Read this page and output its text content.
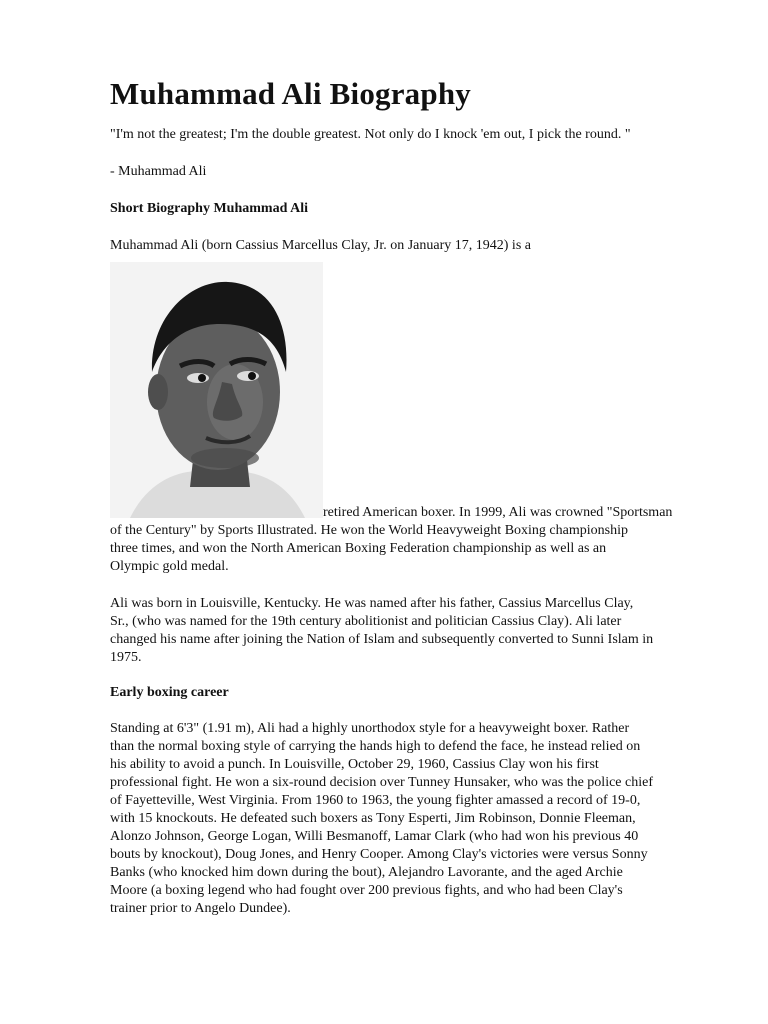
Muhammad Ali Biography

"I'm not the greatest; I'm the double greatest. Not only do I knock 'em out, I pick the round. "

- Muhammad Ali

Short Biography Muhammad Ali

Muhammad Ali (born Cassius Marcellus Clay, Jr. on January 17, 1942) is a

retired American boxer. In 1999, Ali was crowned "Sportsman
of the Century" by Sports Illustrated. He won the World Heavyweight Boxing championship
three times, and won the North American Boxing Federation championship as well as an
Olympic gold medal.
Ali was born in Louisville, Kentucky. He was named after his father, Cassius Marcellus Clay,
Sr., (who was named for the 19th century abolitionist and politician Cassius Clay). Ali later
changed his name after joining the Nation of Islam and subsequently converted to Sunni Islam in
1975.

Early boxing career

Standing at 6'3" (1.91 m), Ali had a highly unorthodox style for a heavyweight boxer. Rather
than the normal boxing style of carrying the hands high to defend the face, he instead relied on
his ability to avoid a punch. In Louisville, October 29, 1960, Cassius Clay won his first
professional fight. He won a six-round decision over Tunney Hunsaker, who was the police chief
of Fayetteville, West Virginia. From 1960 to 1963, the young fighter amassed a record of 19-0,
with 15 knockouts. He defeated such boxers as Tony Esperti, Jim Robinson, Donnie Fleeman,
Alonzo Johnson, George Logan, Willi Besmanoff, Lamar Clark (who had won his previous 40
bouts by knockout), Doug Jones, and Henry Cooper. Among Clay's victories were versus Sonny
Banks (who knocked him down during the bout), Alejandro Lavorante, and the aged Archie
Moore (a boxing legend who had fought over 200 previous fights, and who had been Clay's
trainer prior to Angelo Dundee).
